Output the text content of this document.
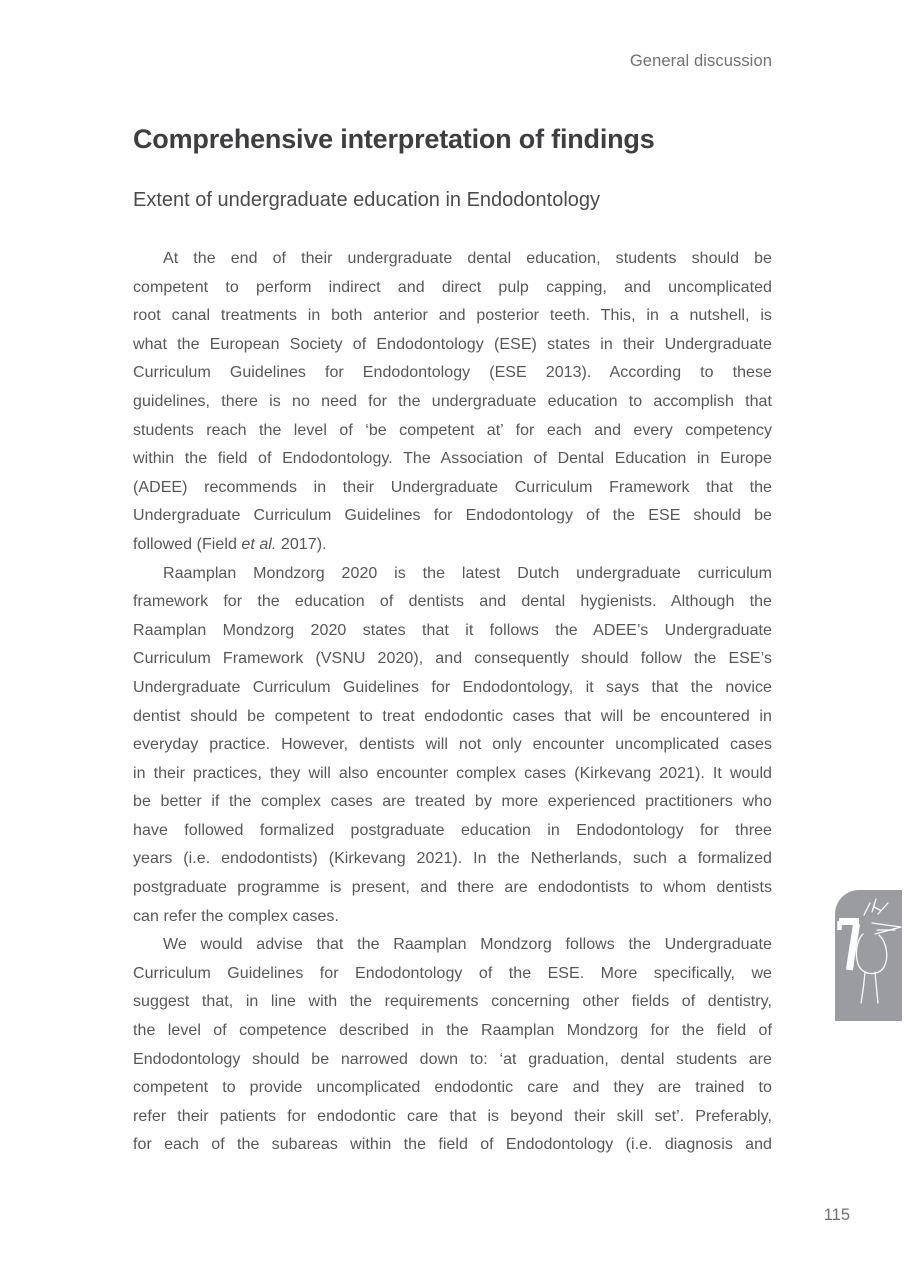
General discussion
Comprehensive interpretation of findings
Extent of undergraduate education in Endodontology
At the end of their undergraduate dental education, students should be
competent to perform indirect and direct pulp capping, and uncomplicated
root canal treatments in both anterior and posterior teeth. This, in a nutshell, is
what the European Society of Endodontology (ESE) states in their Undergraduate
Curriculum Guidelines for Endodontology (ESE 2013). According to these
guidelines, there is no need for the undergraduate education to accomplish that
students reach the level of ‘be competent at’ for each and every competency
within the field of Endodontology. The Association of Dental Education in Europe
(ADEE) recommends in their Undergraduate Curriculum Framework that the
Undergraduate Curriculum Guidelines for Endodontology of the ESE should be
followed (Field et al. 2017).
Raamplan Mondzorg 2020 is the latest Dutch undergraduate curriculum
framework for the education of dentists and dental hygienists. Although the
Raamplan Mondzorg 2020 states that it follows the ADEE’s Undergraduate
Curriculum Framework (VSNU 2020), and consequently should follow the ESE’s
Undergraduate Curriculum Guidelines for Endodontology, it says that the novice
dentist should be competent to treat endodontic cases that will be encountered in
everyday practice. However, dentists will not only encounter uncomplicated cases
in their practices, they will also encounter complex cases (Kirkevang 2021). It would
be better if the complex cases are treated by more experienced practitioners who
have followed formalized postgraduate education in Endodontology for three
years (i.e. endodontists) (Kirkevang 2021). In the Netherlands, such a formalized
postgraduate programme is present, and there are endodontists to whom dentists
can refer the complex cases.
We would advise that the Raamplan Mondzorg follows the Undergraduate
Curriculum Guidelines for Endodontology of the ESE. More specifically, we
suggest that, in line with the requirements concerning other fields of dentistry,
the level of competence described in the Raamplan Mondzorg for the field of
Endodontology should be narrowed down to: ‘at graduation, dental students are
competent to provide uncomplicated endodontic care and they are trained to
refer their patients for endodontic care that is beyond their skill set’. Preferably,
for each of the subareas within the field of Endodontology (i.e. diagnosis and
115
